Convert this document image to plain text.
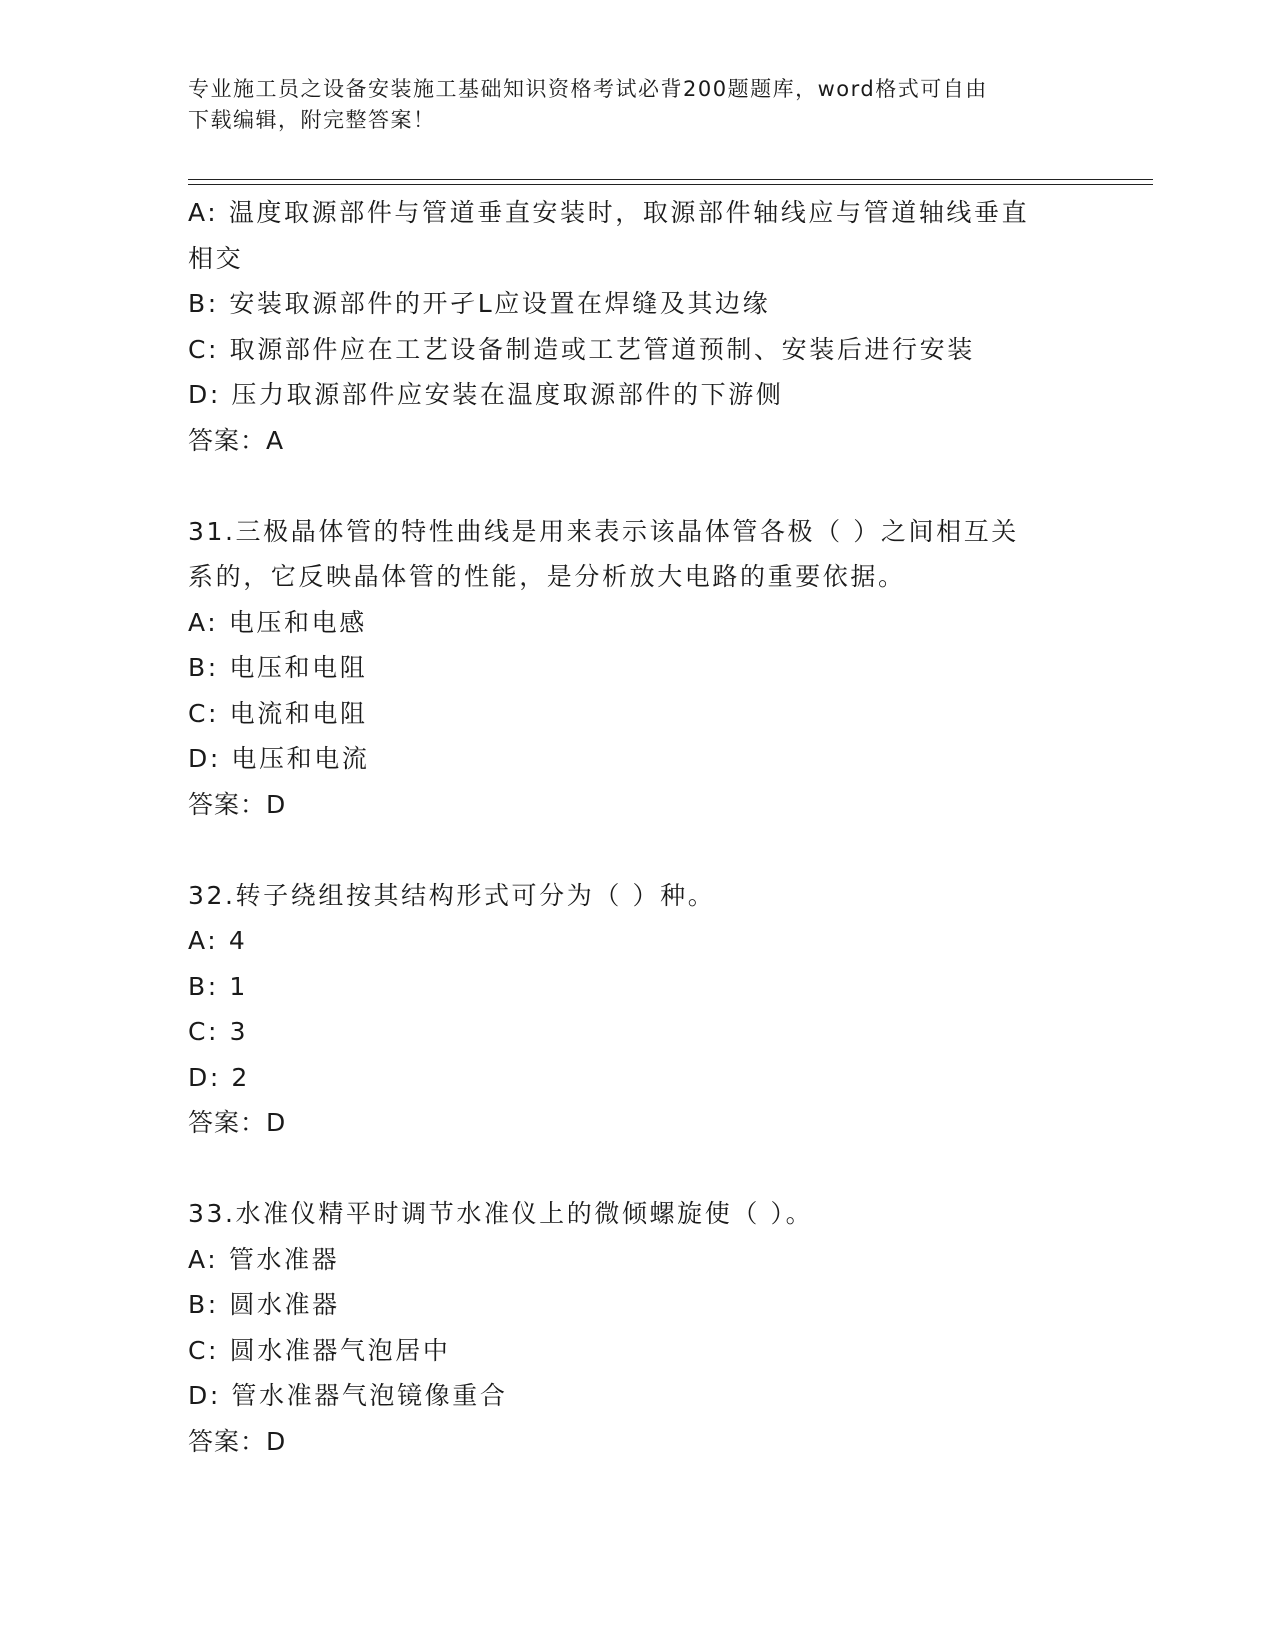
专业施工员之设备安装施工基础知识资格考试必背200题题库，word格式可自由
下载编辑，附完整答案！

A: 温度取源部件与管道垂直安装时，取源部件轴线应与管道轴线垂直

相交

B: 安装取源部件的开孑L应设置在焊缝及其边缘

C: 取源部件应在工艺设备制造或工艺管道预制、安装后进行安装

D: 压力取源部件应安装在温度取源部件的下游侧

答案：A

31.三极晶体管的特性曲线是用来表示该晶体管各极（ ）之间相互关

系的，它反映晶体管的性能，是分析放大电路的重要依据。

A: 电压和电感

B: 电压和电阻

C: 电流和电阻

D: 电压和电流

答案：D

32.转子绕组按其结构形式可分为（ ）种。

A: 4

B: 1

C: 3

D: 2

答案：D

33.水准仪精平时调节水准仪上的微倾螺旋使（ ）。

A: 管水准器

B: 圆水准器

C: 圆水准器气泡居中

D: 管水准器气泡镜像重合

答案：D
